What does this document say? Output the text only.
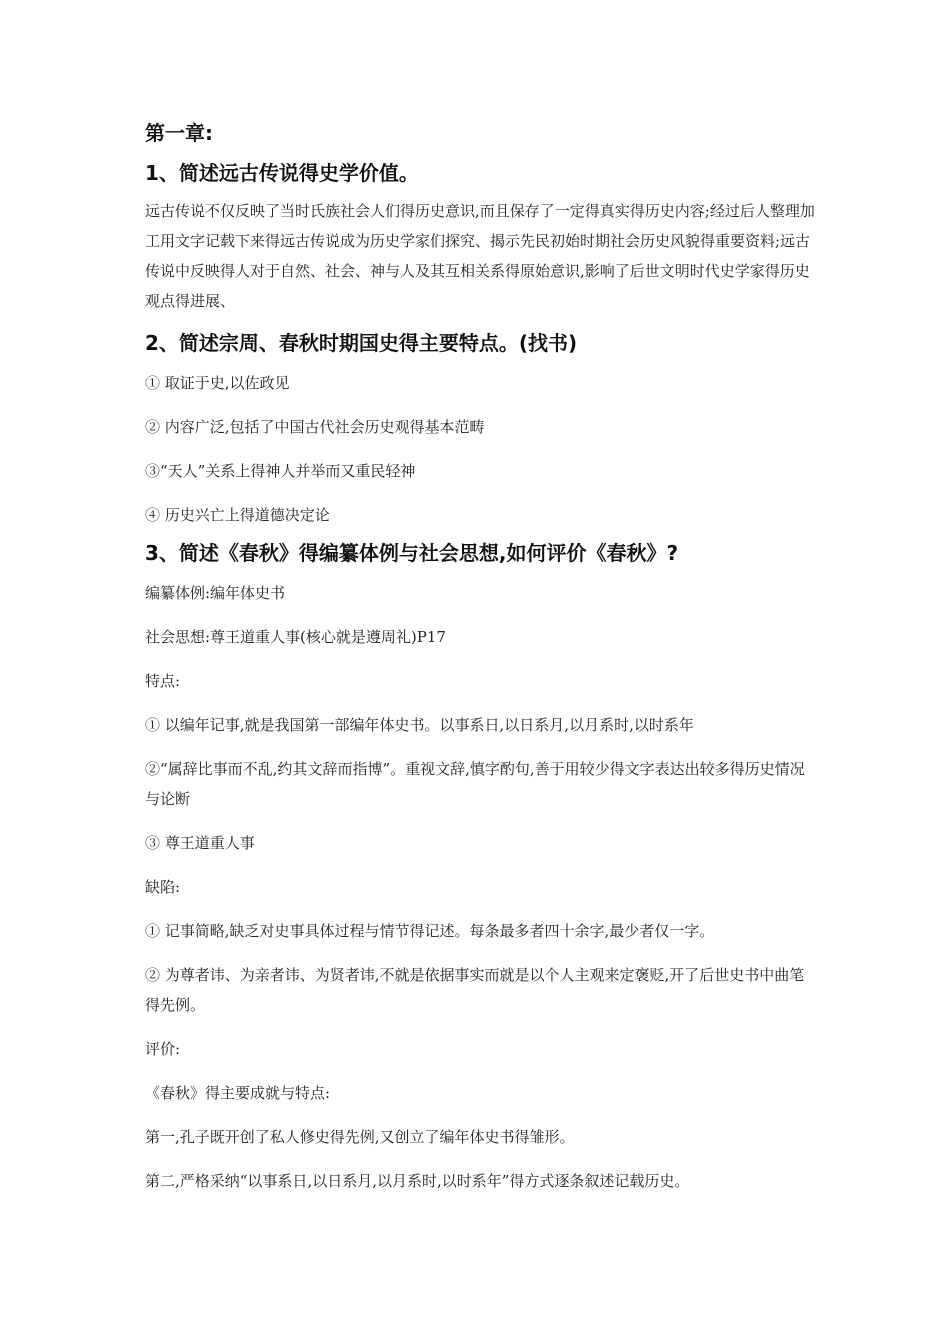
第一章:

1、简述远古传说得史学价值。

远古传说不仅反映了当时氏族社会人们得历史意识,而且保存了一定得真实得历史内容;经过后人整理加工用文字记载下来得远古传说成为历史学家们探究、揭示先民初始时期社会历史风貌得重要资料;远古传说中反映得人对于自然、社会、神与人及其互相关系得原始意识,影响了后世文明时代史学家得历史观点得进展、

2、简述宗周、春秋时期国史得主要特点。(找书)

① 取证于史,以佐政见

② 内容广泛,包括了中国古代社会历史观得基本范畴

③“天人”关系上得神人并举而又重民轻神

④ 历史兴亡上得道德决定论

3、简述《春秋》得编纂体例与社会思想,如何评价《春秋》?

编纂体例:编年体史书

社会思想:尊王道重人事(核心就是遵周礼)P17

特点:

① 以编年记事,就是我国第一部编年体史书。以事系日,以日系月,以月系时,以时系年

②“属辞比事而不乱,约其文辞而指博”。重视文辞,慎字酌句,善于用较少得文字表达出较多得历史情况与论断

③ 尊王道重人事

缺陷:

① 记事简略,缺乏对史事具体过程与情节得记述。每条最多者四十余字,最少者仅一字。

② 为尊者讳、为亲者讳、为贤者讳,不就是依据事实而就是以个人主观来定褒贬,开了后世史书中曲笔得先例。

评价:

《春秋》得主要成就与特点:

第一,孔子既开创了私人修史得先例,又创立了编年体史书得雏形。

第二,严格采纳“以事系日,以日系月,以月系时,以时系年”得方式逐条叙述记载历史。
